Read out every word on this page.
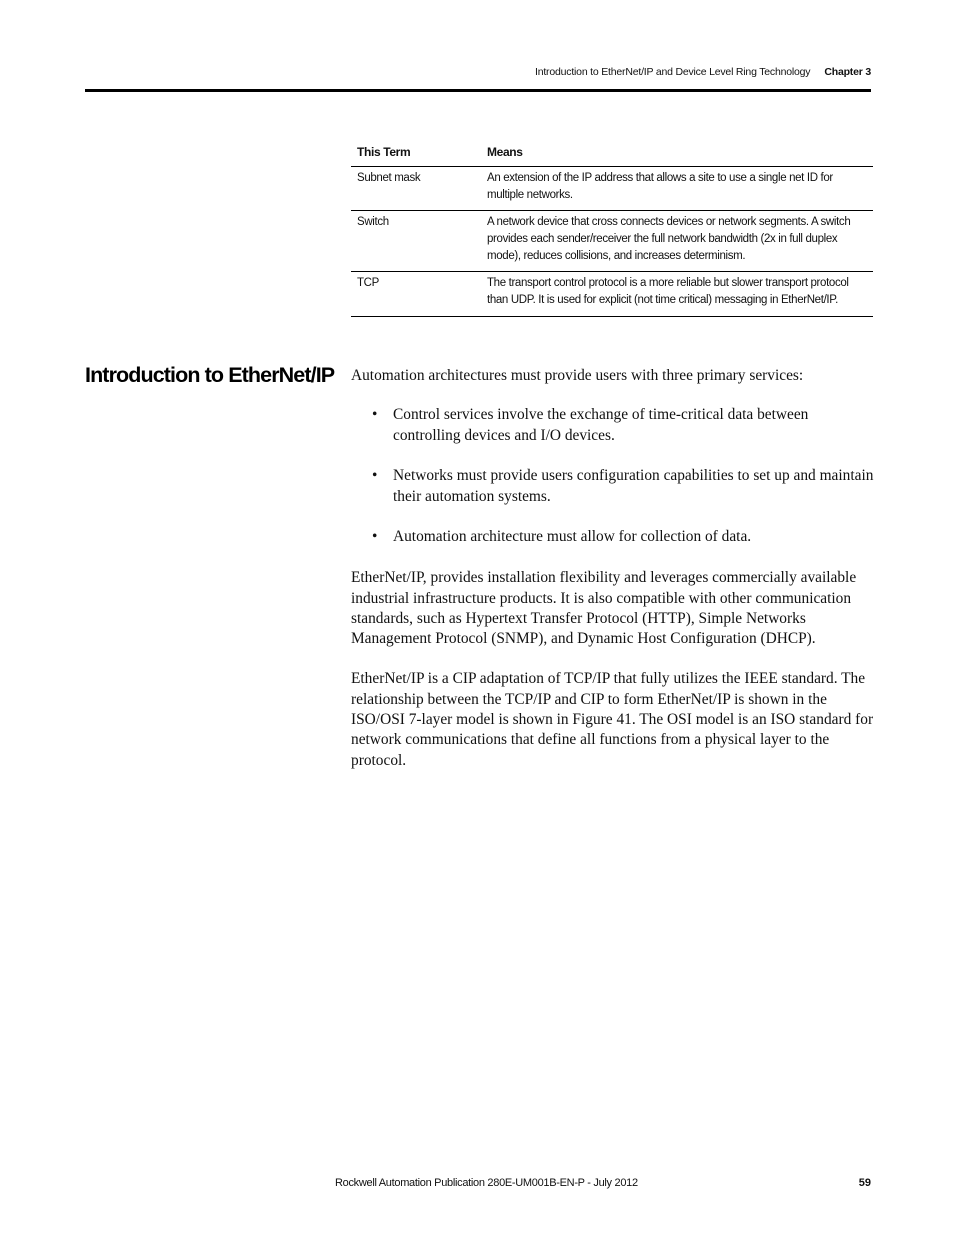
Introduction to EtherNet/IP and Device Level Ring Technology Chapter 3
This Term	Means
Subnet mask	An extension of the IP address that allows a site to use a single net ID for multiple networks.
Switch	A network device that cross connects devices or network segments. A switch provides each sender/receiver the full network bandwidth (2x in full duplex mode), reduces collisions, and increases determinism.
TCP	The transport control protocol is a more reliable but slower transport protocol than UDP. It is used for explicit (not time critical) messaging in EtherNet/IP.
Introduction to EtherNet/IP Automation architectures must provide users with three primary services:

• Control services involve the exchange of time-critical data between controlling devices and I/O devices.
• Networks must provide users configuration capabilities to set up and maintain their automation systems.
• Automation architecture must allow for collection of data.

EtherNet/IP, provides installation flexibility and leverages commercially available industrial infrastructure products. It is also compatible with other communication standards, such as Hypertext Transfer Protocol (HTTP), Simple Networks Management Protocol (SNMP), and Dynamic Host Configuration (DHCP).

EtherNet/IP is a CIP adaptation of TCP/IP that fully utilizes the IEEE standard. The relationship between the TCP/IP and CIP to form EtherNet/IP is shown in the ISO/OSI 7-layer model is shown in Figure 41. The OSI model is an ISO standard for network communications that define all functions from a physical layer to the protocol.

Rockwell Automation Publication 280E-UM001B-EN-P - July 2012	59
